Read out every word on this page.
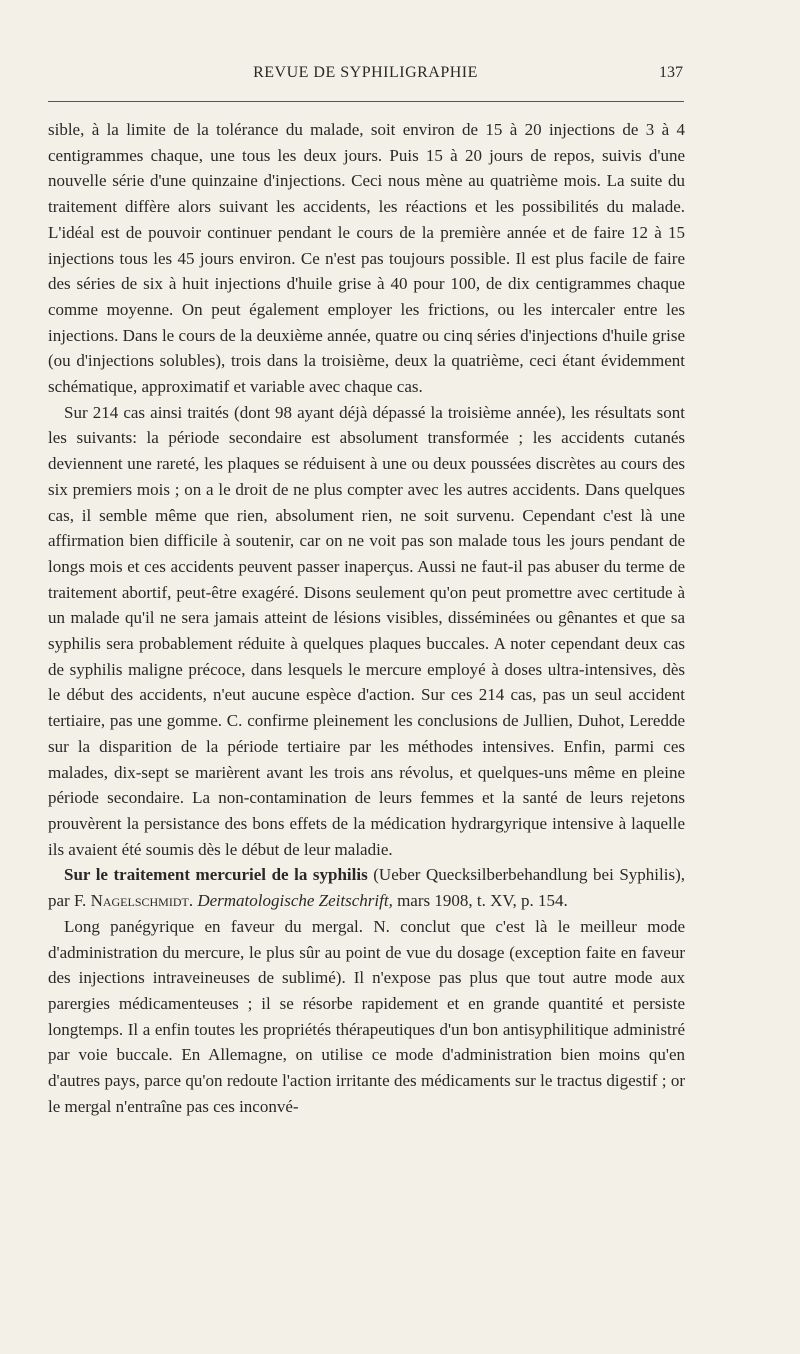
REVUE DE SYPHILIGRAPHIE	137

sible, à la limite de la tolérance du malade, soit environ de 15 à 20 injections de 3 à 4 centigrammes chaque, une tous les deux jours. Puis 15 à 20 jours de repos, suivis d'une nouvelle série d'une quinzaine d'injections. Ceci nous mène au quatrième mois. La suite du traitement diffère alors suivant les accidents, les réactions et les possibilités du malade. L'idéal est de pouvoir continuer pendant le cours de la première année et de faire 12 à 15 injections tous les 45 jours environ. Ce n'est pas toujours possible. Il est plus facile de faire des séries de six à huit injections d'huile grise à 40 pour 100, de dix centigrammes chaque comme moyenne. On peut également employer les frictions, ou les intercaler entre les injections. Dans le cours de la deuxième année, quatre ou cinq séries d'injections d'huile grise (ou d'injections solubles), trois dans la troisième, deux la quatrième, ceci étant évidemment schématique, approximatif et variable avec chaque cas.

Sur 214 cas ainsi traités (dont 98 ayant déjà dépassé la troisième année), les résultats sont les suivants: la période secondaire est absolument transformée ; les accidents cutanés deviennent une rareté, les plaques se réduisent à une ou deux poussées discrètes au cours des six premiers mois ; on a le droit de ne plus compter avec les autres accidents. Dans quelques cas, il semble même que rien, absolument rien, ne soit survenu. Cependant c'est là une affirmation bien difficile à soutenir, car on ne voit pas son malade tous les jours pendant de longs mois et ces accidents peuvent passer inaperçus. Aussi ne faut-il pas abuser du terme de traitement abortif, peut-être exagéré. Disons seulement qu'on peut promettre avec certitude à un malade qu'il ne sera jamais atteint de lésions visibles, disséminées ou gênantes et que sa syphilis sera probablement réduite à quelques plaques buccales. A noter cependant deux cas de syphilis maligne précoce, dans lesquels le mercure employé à doses ultra-intensives, dès le début des accidents, n'eut aucune espèce d'action. Sur ces 214 cas, pas un seul accident tertiaire, pas une gomme. C. confirme pleinement les conclusions de Jullien, Duhot, Leredde sur la disparition de la période tertiaire par les méthodes intensives. Enfin, parmi ces malades, dix-sept se marièrent avant les trois ans révolus, et quelques-uns même en pleine période secondaire. La non-contamination de leurs femmes et la santé de leurs rejetons prouvèrent la persistance des bons effets de la médication hydrargyrique intensive à laquelle ils avaient été soumis dès le début de leur maladie.

Sur le traitement mercuriel de la syphilis (Ueber Quecksilberbehandlung bei Syphilis), par F. Nagelschmidt. Dermatologische Zeitschrift, mars 1908, t. XV, p. 154.

Long panégyrique en faveur du mergal. N. conclut que c'est là le meilleur mode d'administration du mercure, le plus sûr au point de vue du dosage (exception faite en faveur des injections intraveineuses de sublimé). Il n'expose pas plus que tout autre mode aux parergies médicamenteuses ; il se résorbe rapidement et en grande quantité et persiste longtemps. Il a enfin toutes les propriétés thérapeutiques d'un bon antisyphilitique administré par voie buccale. En Allemagne, on utilise ce mode d'administration bien moins qu'en d'autres pays, parce qu'on redoute l'action irritante des médicaments sur le tractus digestif ; or le mergal n'entraîne pas ces inconvé-
